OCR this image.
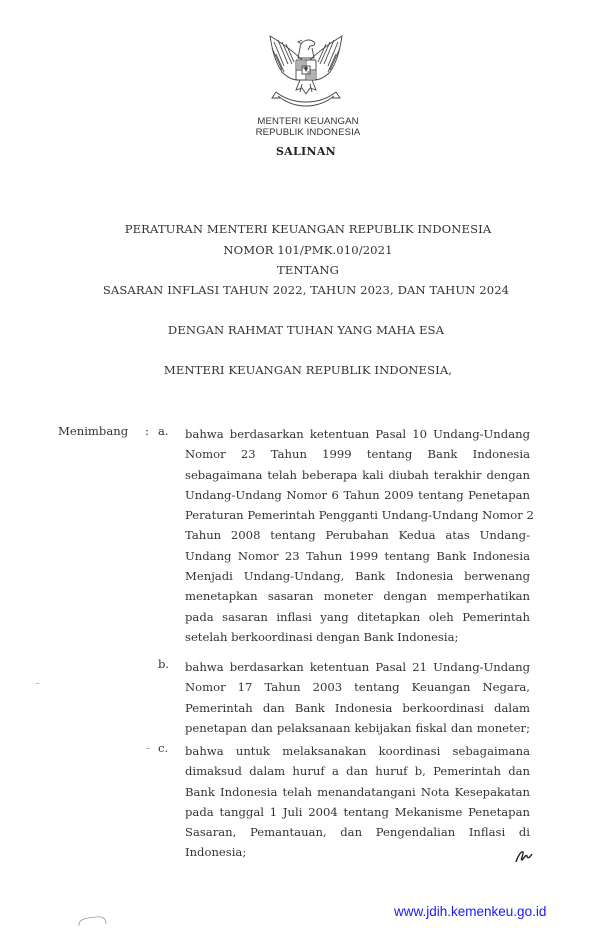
MENTERI KEUANGAN
REPUBLIK INDONESIA
SALINAN
PERATURAN MENTERI KEUANGAN REPUBLIK INDONESIA
NOMOR 101/PMK.010/2021
TENTANG
SASARAN INFLASI TAHUN 2022, TAHUN 2023, DAN TAHUN 2024
DENGAN RAHMAT TUHAN YANG MAHA ESA
MENTERI KEUANGAN REPUBLIK INDONESIA,
Menimbang : a. bahwa berdasarkan ketentuan Pasal 10 Undang-Undang
Nomor 23 Tahun 1999 tentang Bank Indonesia
sebagaimana telah beberapa kali diubah terakhir dengan
Undang-Undang Nomor 6 Tahun 2009 tentang Penetapan
Peraturan Pemerintah Pengganti Undang-Undang Nomor 2
Tahun 2008 tentang Perubahan Kedua atas Undang-
Undang Nomor 23 Tahun 1999 tentang Bank Indonesia
Menjadi Undang-Undang, Bank Indonesia berwenang
menetapkan sasaran moneter dengan memperhatikan
pada sasaran inflasi yang ditetapkan oleh Pemerintah
setelah berkoordinasi dengan Bank Indonesia;
b. bahwa berdasarkan ketentuan Pasal 21 Undang-Undang
Nomor 17 Tahun 2003 tentang Keuangan Negara,
Pemerintah dan Bank Indonesia berkoordinasi dalam
penetapan dan pelaksanaan kebijakan fiskal dan moneter;
c. bahwa untuk melaksanakan koordinasi sebagaimana
dimaksud dalam huruf a dan huruf b, Pemerintah dan
Bank Indonesia telah menandatangani Nota Kesepakatan
pada tanggal 1 Juli 2004 tentang Mekanisme Penetapan
Sasaran, Pemantauan, dan Pengendalian Inflasi di
Indonesia;
www.jdih.kemenkeu.go.id
